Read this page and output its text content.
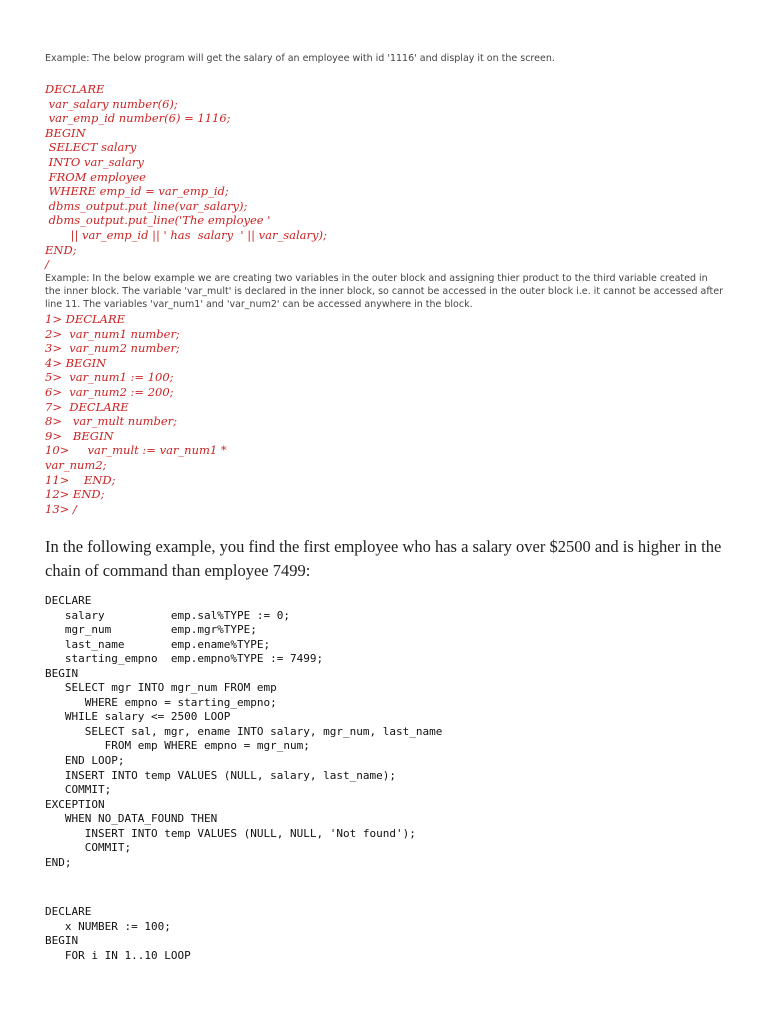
Example: The below program will get the salary of an employee with id '1116' and display it on the screen.

DECLARE
var_salary number(6);
var_emp_id number(6) = 1116;
BEGIN
SELECT salary
INTO var_salary
FROM employee
WHERE emp_id = var_emp_id;
dbms_output.put_line(var_salary);
dbms_output.put_line('The employee '
|| var_emp_id || ' has  salary  ' || var_salary);
END;
/

Example: In the below example we are creating two variables in the outer block and assigning thier product to the third variable created in the inner block. The variable 'var_mult' is declared in the inner block, so cannot be accessed in the outer block i.e. it cannot be accessed after line 11. The variables 'var_num1' and 'var_num2' can be accessed anywhere in the block.

1> DECLARE
2>  var_num1 number;
3>  var_num2 number;
4> BEGIN
5>  var_num1 := 100;
6>  var_num2 := 200;
7>  DECLARE
8>   var_mult number;
9>   BEGIN
10>     var_mult := var_num1 *
var_num2;
11>    END;
12> END;
13> /

In the following example, you find the first employee who has a salary over $2500 and is higher in the chain of command than employee 7499:

DECLARE
salary          emp.sal%TYPE := 0;
mgr_num         emp.mgr%TYPE;
last_name       emp.ename%TYPE;
starting_empno  emp.empno%TYPE := 7499;
BEGIN
SELECT mgr INTO mgr_num FROM emp
WHERE empno = starting_empno;
WHILE salary <= 2500 LOOP
SELECT sal, mgr, ename INTO salary, mgr_num, last_name
FROM emp WHERE empno = mgr_num;
END LOOP;
INSERT INTO temp VALUES (NULL, salary, last_name);
COMMIT;
EXCEPTION
WHEN NO_DATA_FOUND THEN
INSERT INTO temp VALUES (NULL, NULL, 'Not found');
COMMIT;
END;
DECLARE
x NUMBER := 100;
BEGIN
FOR i IN 1..10 LOOP
